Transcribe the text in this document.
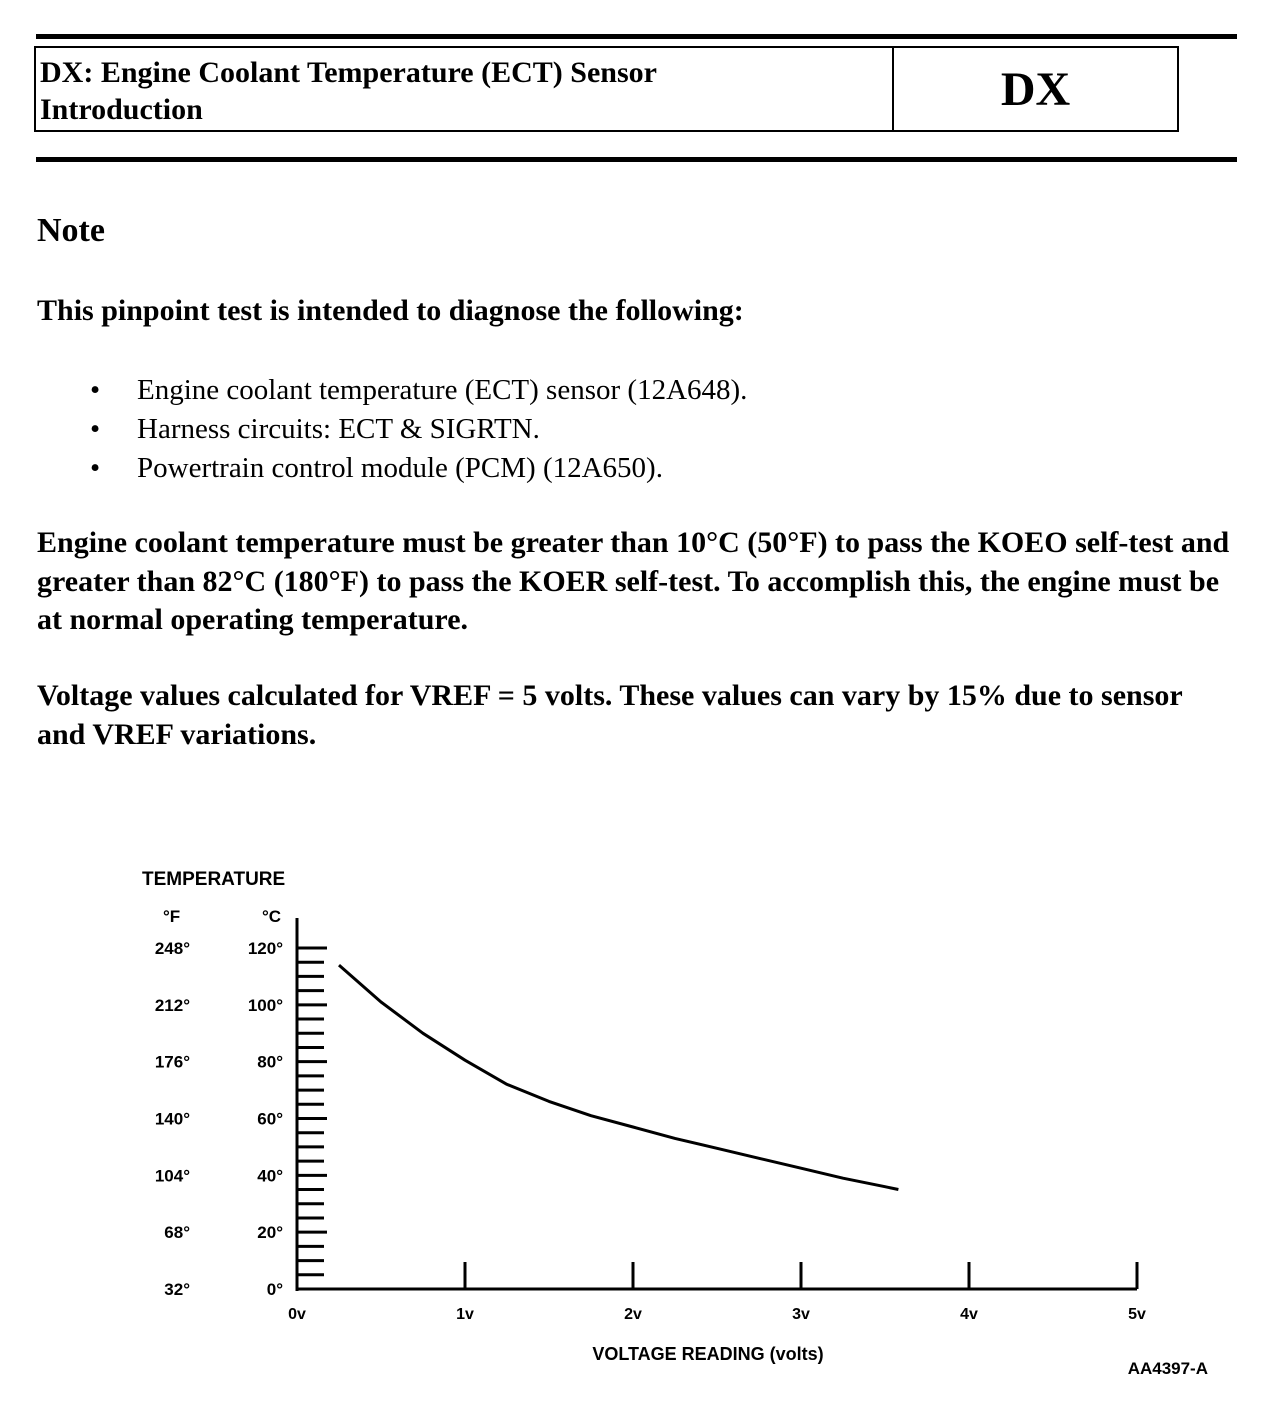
DX: Engine Coolant Temperature (ECT) Sensor
Introduction	DX
Note
This pinpoint test is intended to diagnose the following:
• Engine coolant temperature (ECT) sensor (12A648).
• Harness circuits: ECT & SIGRTN.
• Powertrain control module (PCM) (12A650).
Engine coolant temperature must be greater than 10°C (50°F) to pass the KOEO self-test and greater than 82°C (180°F) to pass the KOER self-test. To accomplish this, the engine must be at normal operating temperature.
Voltage values calculated for VREF = 5 volts. These values can vary by 15% due to sensor and VREF variations.
TEMPERATURE
°F	°C
32°	0°
68°	20°
104°	40°
140°	60°
176°	80°
212°	100°
248°	120°
0v	1v	2v	3v	4v	5v
VOLTAGE READING (volts)
AA4397-A
